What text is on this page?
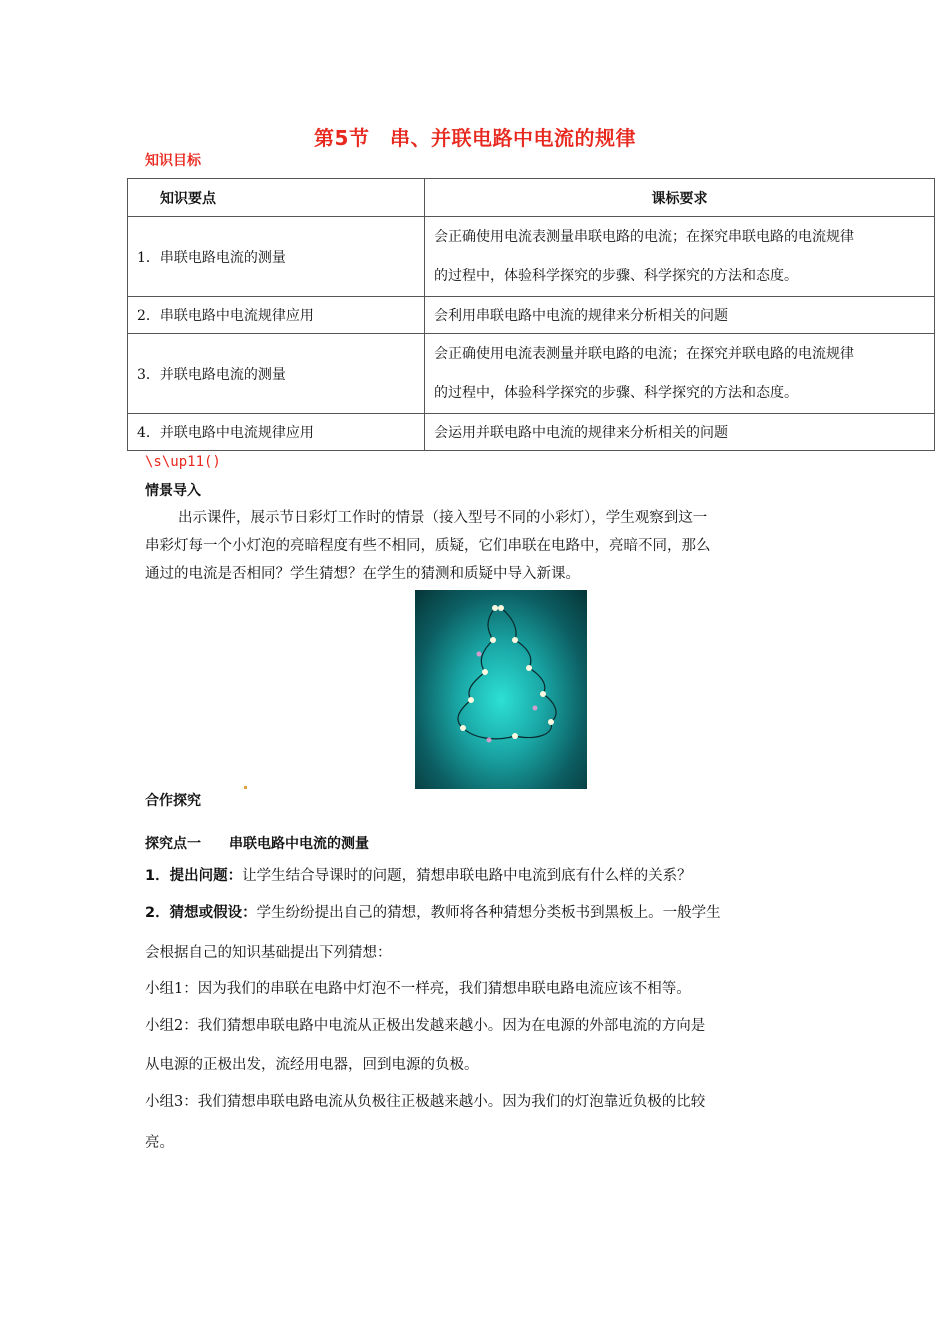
第5节　串、并联电路中电流的规律
知识目标
知识要点	课标要求
1．串联电路电流的测量	会正确使用电流表测量串联电路的电流；在探究串联电路的电流规律
的过程中，体验科学探究的步骤、科学探究的方法和态度。

2．串联电路中电流规律应用	会利用串联电路中电流的规律来分析相关的问题
3．并联电路电流的测量	会正确使用电流表测量并联电路的电流；在探究并联电路的电流规律
的过程中，体验科学探究的步骤、科学探究的方法和态度。

4．并联电路中电流规律应用	会运用并联电路中电流的规律来分析相关的问题
\s\up11()
情景导入
出示课件，展示节日彩灯工作时的情景（接入型号不同的小彩灯），学生观察到这一
串彩灯每一个小灯泡的亮暗程度有些不相同，质疑，它们串联在电路中，亮暗不同，那么
通过的电流是否相同？学生猜想？在学生的猜测和质疑中导入新课。
合作探究
探究点一　　串联电路中电流的测量
1．提出问题：让学生结合导课时的问题，猜想串联电路中电流到底有什么样的关系？
2．猜想或假设：学生纷纷提出自己的猜想，教师将各种猜想分类板书到黑板上。一般学生
会根据自己的知识基础提出下列猜想：
小组1：因为我们的串联在电路中灯泡不一样亮，我们猜想串联电路电流应该不相等。
小组2：我们猜想串联电路中电流从正极出发越来越小。因为在电源的外部电流的方向是
从电源的正极出发，流经用电器，回到电源的负极。
小组3：我们猜想串联电路电流从负极往正极越来越小。因为我们的灯泡靠近负极的比较
亮。
